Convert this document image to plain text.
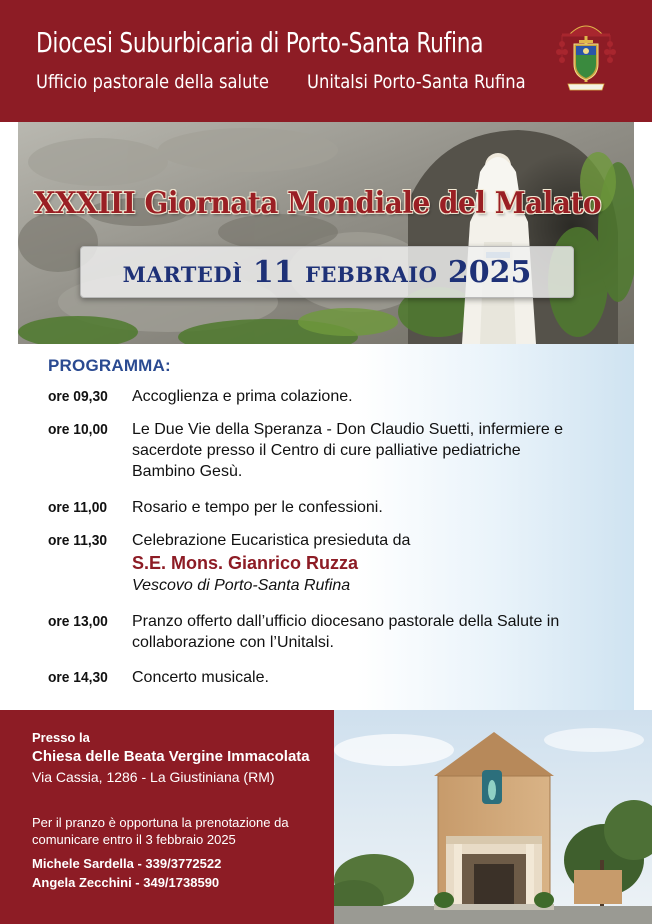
Diocesi Suburbicaria di Porto-Santa Rufina
Ufficio pastorale della salute Unitalsi Porto-Santa Rufina
XXXIII Giornata Mondiale del Malato
MARTEDÌ 11 FEBBRAIO 2025
PROGRAMMA:
ore 09,30 Accoglienza e prima colazione.
ore 10,00 Le Due Vie della Speranza - Don Claudio Suetti, infermiere e sacerdote presso il Centro di cure palliative pediatriche Bambino Gesù.
ore 11,00 Rosario e tempo per le confessioni.
ore 11,30 Celebrazione Eucaristica presieduta da
S.E. Mons. Gianrico Ruzza
Vescovo di Porto-Santa Rufina
ore 13,00 Pranzo offerto dall’ufficio diocesano pastorale della Salute in collaborazione con l’Unitalsi.
ore 14,30 Concerto musicale.
Presso la
Chiesa delle Beata Vergine Immacolata
Via Cassia, 1286 - La Giustiniana (RM)
Per il pranzo è opportuna la prenotazione da comunicare entro il 3 febbraio 2025
Michele Sardella - 339/3772522
Angela Zecchini - 349/1738590
